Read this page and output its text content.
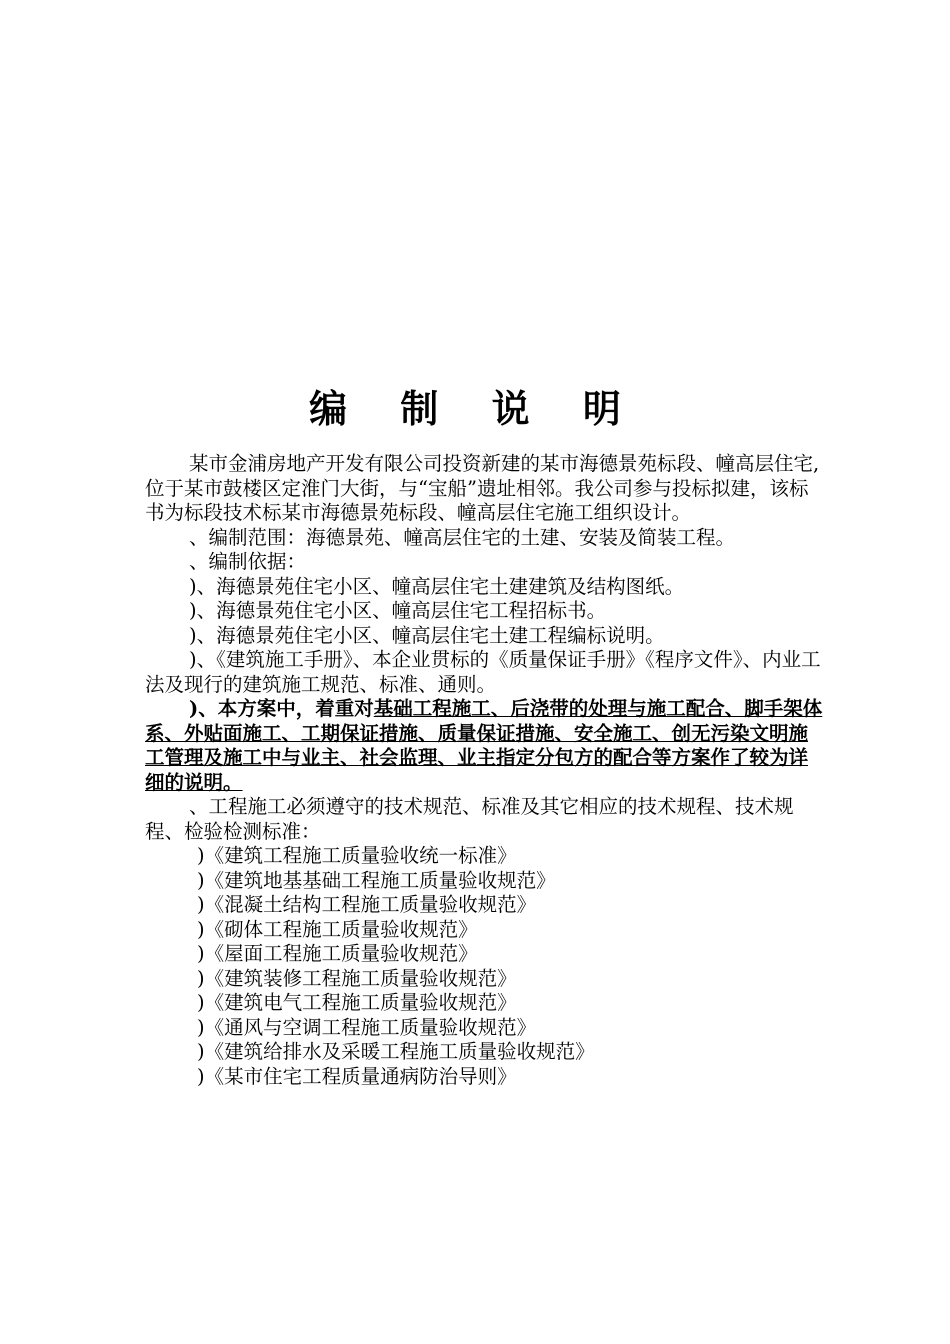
编 制 说 明

某市金浦房地产开发有限公司投资新建的某市海德景苑标段、幢高层住宅,位于某市鼓楼区定淮门大街，与“宝船”遗址相邻。我公司参与投标拟建，该标书为标段技术标某市海德景苑标段、幢高层住宅施工组织设计。

、编制范围：海德景苑、幢高层住宅的土建、安装及简装工程。

、编制依据：

)、海德景苑住宅小区、幢高层住宅土建建筑及结构图纸。

)、海德景苑住宅小区、幢高层住宅工程招标书。

)、海德景苑住宅小区、幢高层住宅土建工程编标说明。

)、《建筑施工手册》、本企业贯标的《质量保证手册》《程序文件》、内业工法及现行的建筑施工规范、标准、通则。

)、本方案中，着重对基础工程施工、后浇带的处理与施工配合、脚手架体系、外贴面施工、工期保证措施、质量保证措施、安全施工、创无污染文明施工管理及施工中与业主、社会监理、业主指定分包方的配合等方案作了较为详细的说明。

、工程施工必须遵守的技术规范、标准及其它相应的技术规程、技术规程、检验检测标准：

)《建筑工程施工质量验收统一标准》
)《建筑地基基础工程施工质量验收规范》
)《混凝土结构工程施工质量验收规范》
)《砌体工程施工质量验收规范》
)《屋面工程施工质量验收规范》
)《建筑装修工程施工质量验收规范》
)《建筑电气工程施工质量验收规范》
)《通风与空调工程施工质量验收规范》
)《建筑给排水及采暖工程施工质量验收规范》
)《某市住宅工程质量通病防治导则》
